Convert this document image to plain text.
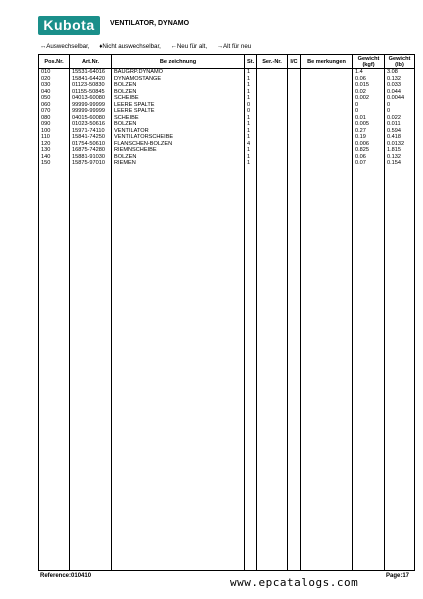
Kubota	VENTILATOR, DYNAMO
↔Auswechselbar, ♦Nicht auswechselbar, ←Neu für alt, →Alt für neu
Pos.Nr.	Art.Nr.	Be zeichnung	St.	Ser.-Nr.	I/C	Be merkungen	Gewicht (kgf)	Gewicht (lb)
010	15531-64016	BAUGRP.DYNAMO	1				1.4	3.08
020	15841-64420	DYNAMOSTANGE	1				0.06	0.132
030	01123-50830	BOLZEN	1				0.015	0.033
040	01155-50845	BOLZEN	1				0.02	0.044
050	04013-60080	SCHEIBE	1				0.002	0.0044
060	99999-99999	LEERE SPALTE	0				0	0
070	99999-99999	LEERE SPALTE	0				0	0
080	04015-60080	SCHEIBE	1				0.01	0.022
090	01023-50616	BOLZEN	1				0.005	0.011
100	15971-74110	VENTILATOR	1				0.27	0.594
110	15841-74250	VENTILATORSCHEIBE	1				0.19	0.418
120	01754-50610	FLANSCHEN-BOLZEN	4				0.006	0.0132
130	16875-74280	RIEMNSCHEIBE	1				0.825	1.815
140	15881-91030	BOLZEN	1				0.06	0.132
150	15875-97010	RIEMEN	1				0.07	0.154

Reference:010410	www.epcatalogs.com	Page:17
